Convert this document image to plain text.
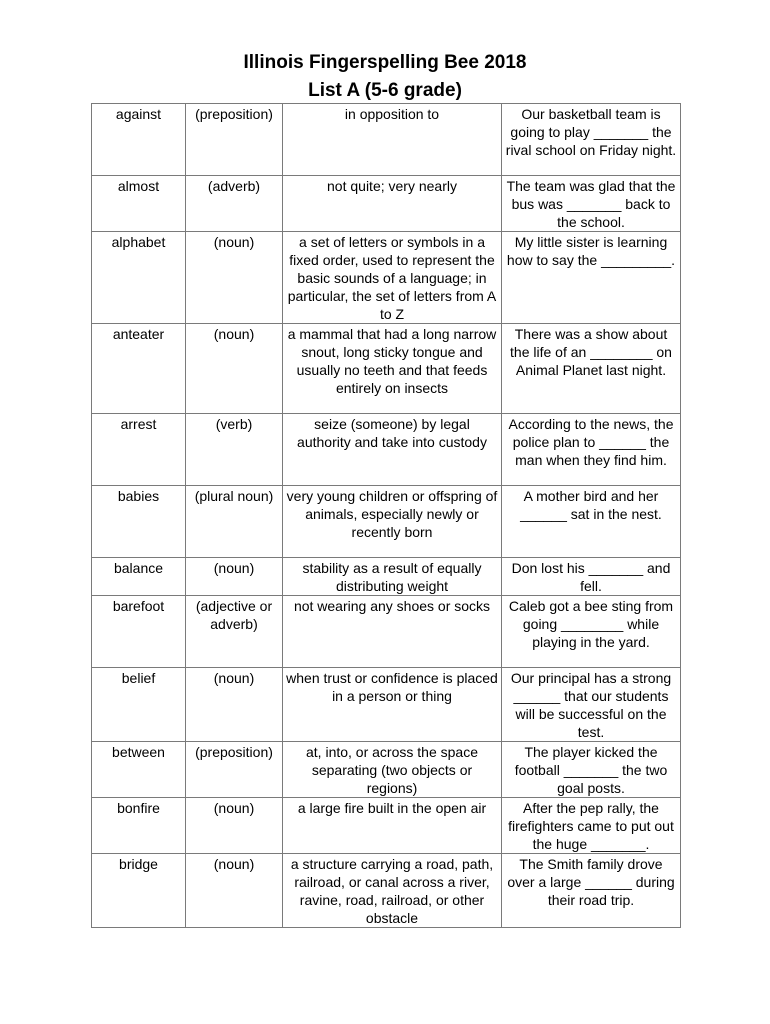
Illinois Fingerspelling Bee 2018
List A (5-6 grade)
against	(preposition)	in opposition to	Our basketball team is going to play _______ the rival school on Friday night.
almost	(adverb)	not quite; very nearly	The team was glad that the bus was _______ back to the school.
alphabet	(noun)	a set of letters or symbols in a fixed order, used to represent the basic sounds of a language; in particular, the set of letters from A to Z	My little sister is learning how to say the _________.
anteater	(noun)	a mammal that had a long narrow snout, long sticky tongue and usually no teeth and that feeds entirely on insects	There was a show about the life of an ________ on Animal Planet last night.
arrest	(verb)	seize (someone) by legal authority and take into custody	According to the news, the police plan to ______ the man when they find him.
babies	(plural noun)	very young children or offspring of animals, especially newly or recently born	A mother bird and her ______ sat in the nest.
balance	(noun)	stability as a result of equally distributing weight	Don lost his _______ and fell.
barefoot	(adjective or adverb)	not wearing any shoes or socks	Caleb got a bee sting from going ________ while playing in the yard.
belief	(noun)	when trust or confidence is placed in a person or thing	Our principal has a strong ______ that our students will be successful on the test.
between	(preposition)	at, into, or across the space separating (two objects or regions)	The player kicked the football _______ the two goal posts.
bonfire	(noun)	a large fire built in the open air	After the pep rally, the firefighters came to put out the huge _______.
bridge	(noun)	a structure carrying a road, path, railroad, or canal across a river, ravine, road, railroad, or other obstacle	The Smith family drove over a large ______ during their road trip.
